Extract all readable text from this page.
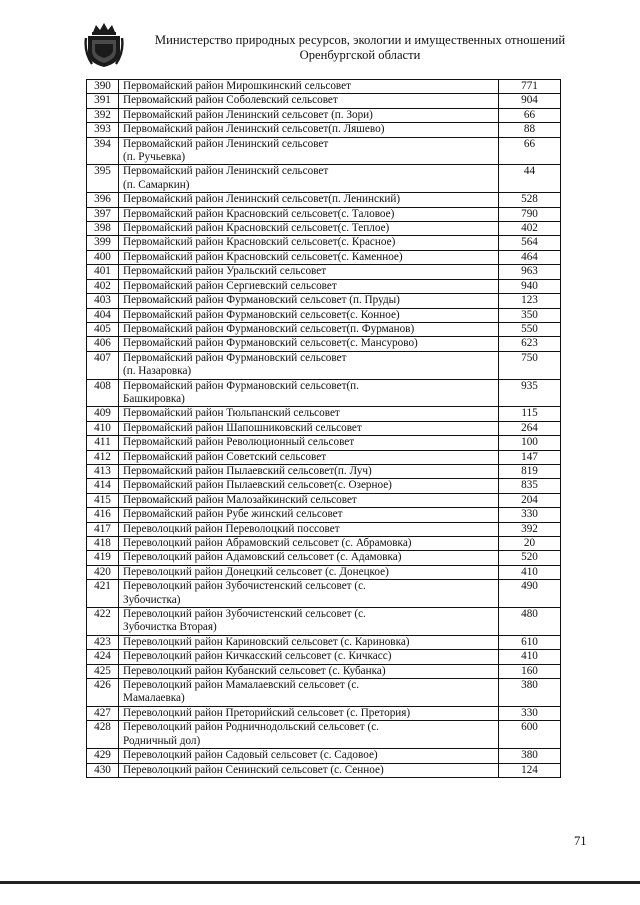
Министерство природных ресурсов, экологии и имущественных отношений
Оренбургской области
390	Первомайский район Мирошкинский сельсовет	771
391	Первомайский район Соболевский сельсовет	904
392	Первомайский район Ленинский сельсовет (п. Зори)	66
393	Первомайский район Ленинский сельсовет(п. Ляшево)	88
394	Первомайский район Ленинский сельсовет
(п. Ручьевка)	66
395	Первомайский район Ленинский сельсовет
(п. Самаркин)	44
396	Первомайский район Ленинский сельсовет(п. Ленинский)	528
397	Первомайский район Красновский сельсовет(с. Таловое)	790
398	Первомайский район Красновский сельсовет(с. Теплое)	402
399	Первомайский район Красновский сельсовет(с. Красное)	564
400	Первомайский район Красновский сельсовет(с. Каменное)	464
401	Первомайский район Уральский сельсовет	963
402	Первомайский район Сергиевский сельсовет	940
403	Первомайский район Фурмановский сельсовет (п. Пруды)	123
404	Первомайский район Фурмановский сельсовет(с. Конное)	350
405	Первомайский район Фурмановский сельсовет(п. Фурманов)	550
406	Первомайский район Фурмановский сельсовет(с. Мансурово)	623
407	Первомайский район Фурмановский сельсовет
(п. Назаровка)	750
408	Первомайский район Фурмановский сельсовет(п.
Башкировка)	935
409	Первомайский район Тюльпанский сельсовет	115
410	Первомайский район Шапошниковский сельсовет	264
411	Первомайский район Революционный сельсовет	100
412	Первомайский район Советский сельсовет	147
413	Первомайский район Пылаевский сельсовет(п. Луч)	819
414	Первомайский район Пылаевский сельсовет(с. Озерное)	835
415	Первомайский район Малозайкинский сельсовет	204
416	Первомайский район Рубе жинский сельсовет	330
417	Переволоцкий район Переволоцкий поссовет	392
418	Переволоцкий район Абрамовский сельсовет (с. Абрамовка)	20
419	Переволоцкий район Адамовский сельсовет (с. Адамовка)	520
420	Переволоцкий район Донецкий сельсовет (с. Донецкое)	410
421	Переволоцкий район Зубочистенский сельсовет (с.
Зубочистка)	490
422	Переволоцкий район Зубочистенский сельсовет (с.
Зубочистка Вторая)	480
423	Переволоцкий район Кариновский сельсовет (с. Кариновка)	610
424	Переволоцкий район Кичкасский сельсовет (с. Кичкасс)	410
425	Переволоцкий район Кубанский сельсовет (с. Кубанка)	160
426	Переволоцкий район Мамалаевский сельсовет (с.
Мамалаевка)	380
427	Переволоцкий район Преторийский сельсовет (с. Претория)	330
428	Переволоцкий район Родничнодольский сельсовет (с.
Родничный дол)	600
429	Переволоцкий район Садовый сельсовет (с. Садовое)	380
430	Переволоцкий район Сенинский сельсовет (с. Сенное)	124
71
